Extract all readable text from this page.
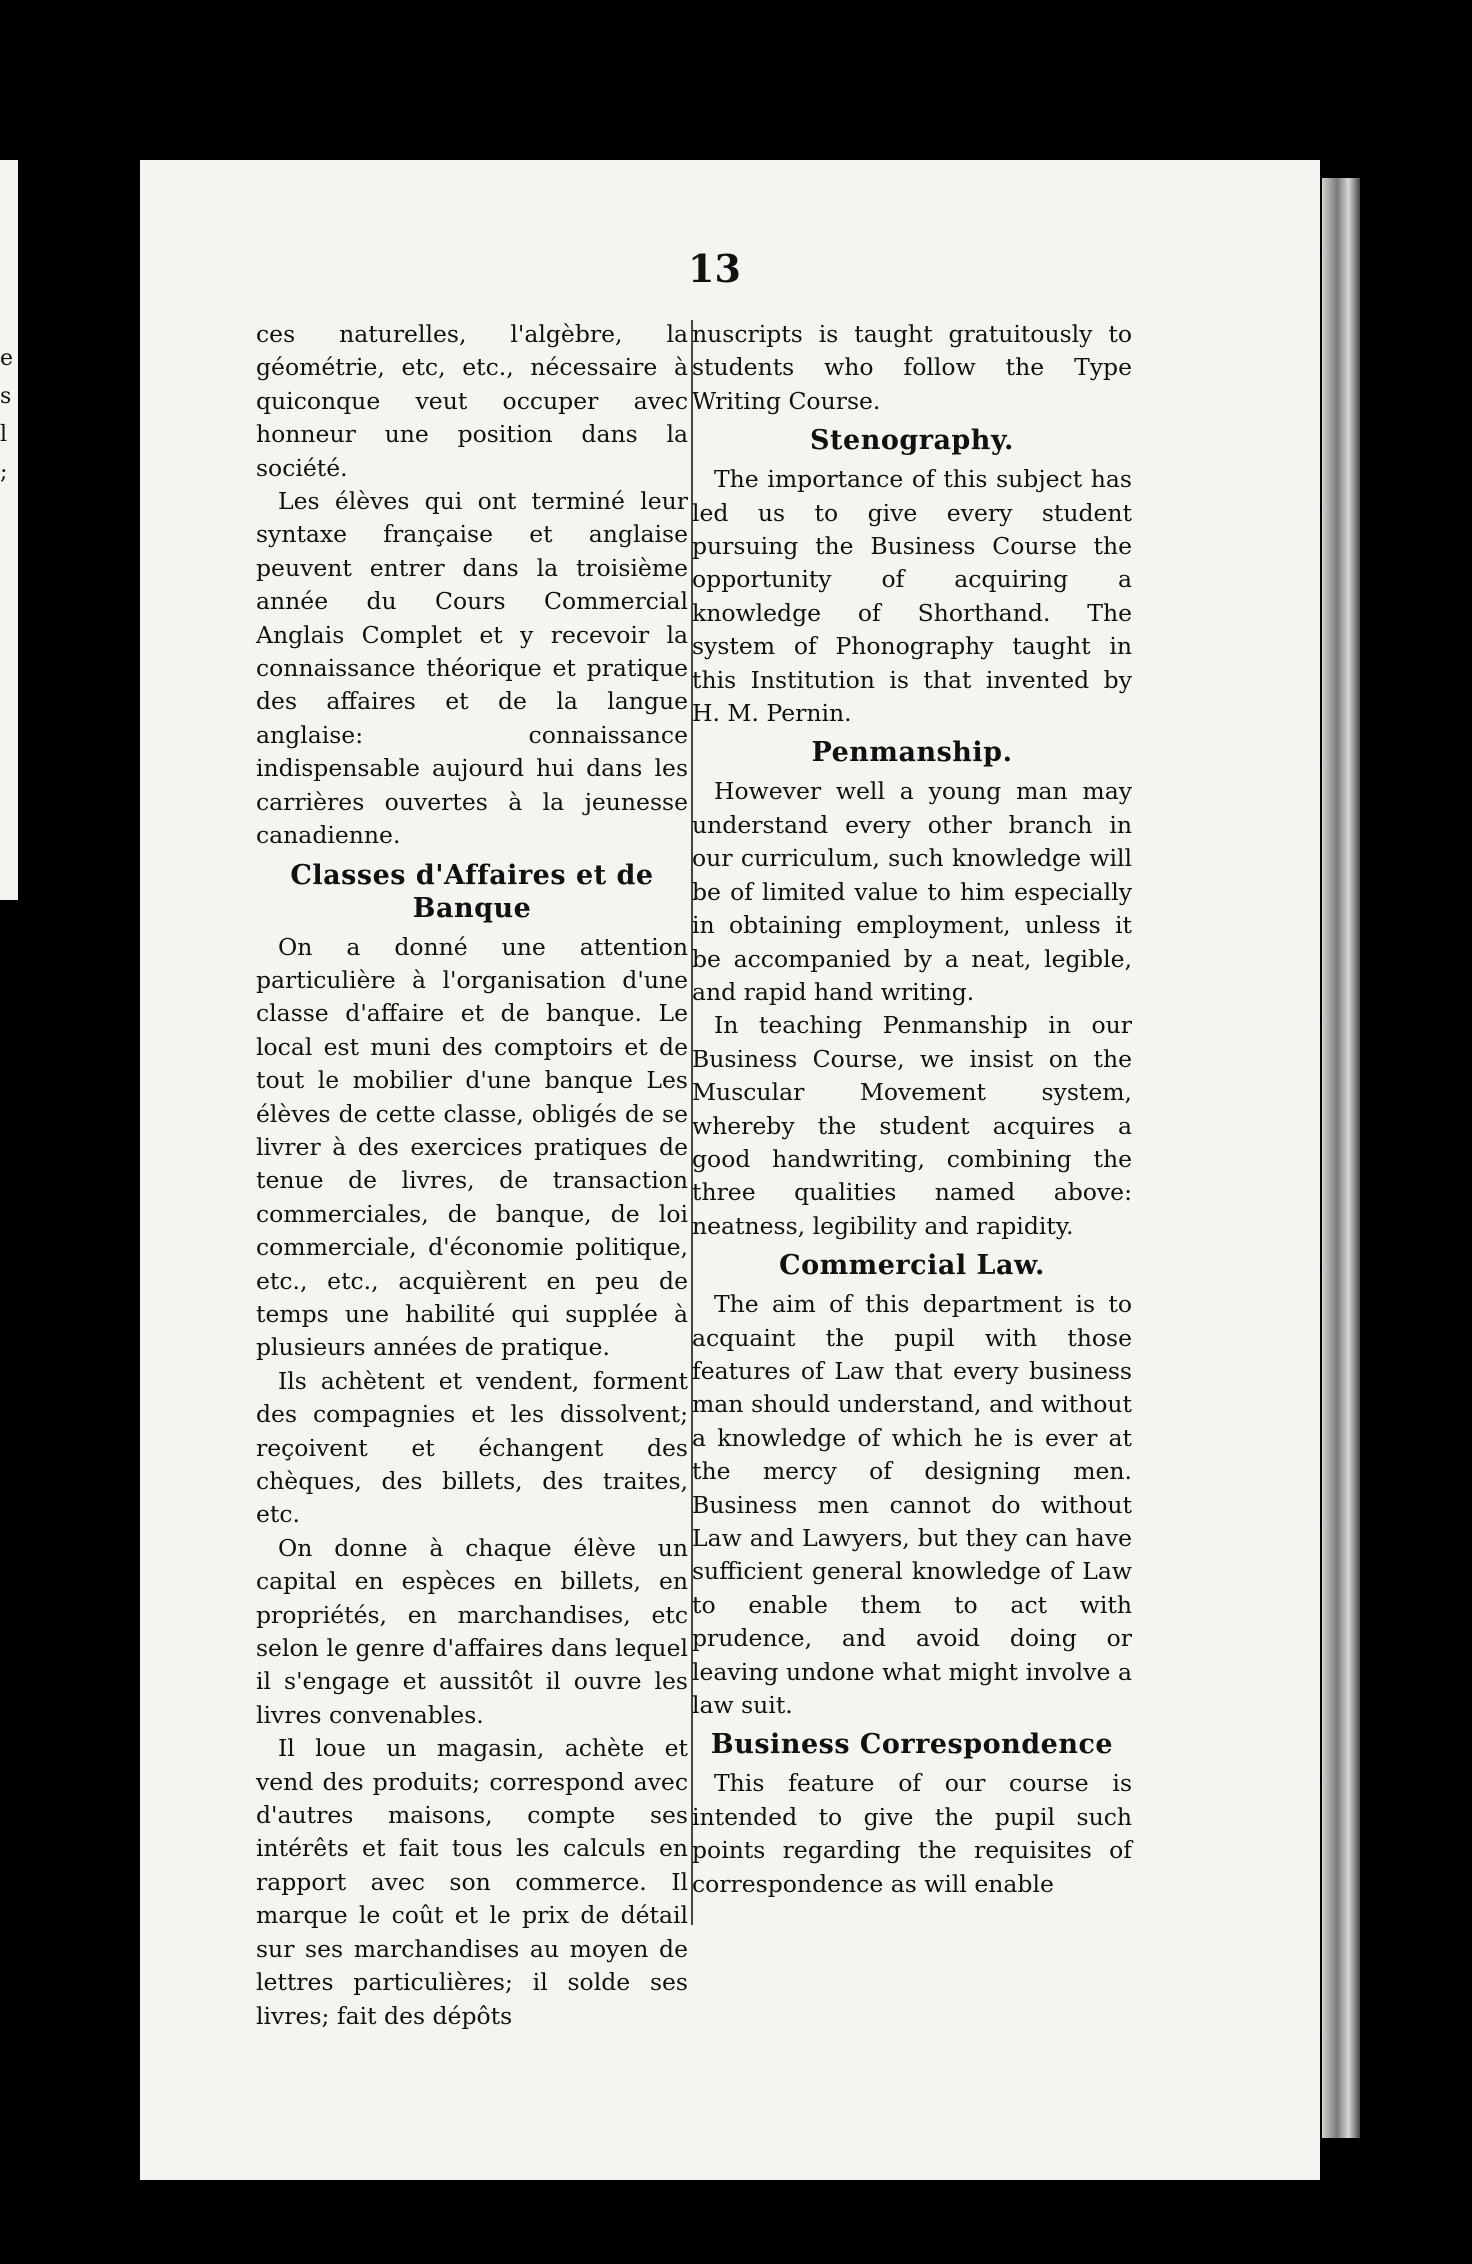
e
s
l
;
13

ces naturelles, l'algèbre, la géométrie, etc, etc., nécessaire à quiconque veut occuper avec honneur une position dans la société.

Les élèves qui ont terminé leur syntaxe française et anglaise peuvent entrer dans la troisième année du Cours Commercial Anglais Complet et y recevoir la connaissance théorique et pratique des affaires et de la langue anglaise: connaissance indispensable aujourd hui dans les carrières ouvertes à la jeunesse canadienne.

Classes d'Affaires et de Banque

On a donné une attention particulière à l'organisation d'une classe d'affaire et de banque. Le local est muni des comptoirs et de tout le mobilier d'une banque Les élèves de cette classe, obligés de se livrer à des exercices pratiques de tenue de livres, de transaction commerciales, de banque, de loi commerciale, d'économie politique, etc., etc., acquièrent en peu de temps une habilité qui supplée à plusieurs années de pratique.

Ils achètent et vendent, forment des compagnies et les dissolvent; reçoivent et échangent des chèques, des billets, des traites, etc.

On donne à chaque élève un capital en espèces en billets, en propriétés, en marchandises, etc selon le genre d'affaires dans lequel il s'engage et aussitôt il ouvre les livres convenables.

Il loue un magasin, achète et vend des produits; correspond avec d'autres maisons, compte ses intérêts et fait tous les calculs en rapport avec son commerce. Il marque le coût et le prix de détail sur ses marchandises au moyen de lettres particulières; il solde ses livres; fait des dépôts

nuscripts is taught gratuitously to students who follow the Type Writing Course.

Stenography.

The importance of this subject has led us to give every student pursuing the Business Course the opportunity of acquiring a knowledge of Shorthand. The system of Phonography taught in this Institution is that invented by H. M. Pernin.

Penmanship.

However well a young man may understand every other branch in our curriculum, such knowledge will be of limited value to him especially in obtaining employment, unless it be accompanied by a neat, legible, and rapid hand writing.

In teaching Penmanship in our Business Course, we insist on the Muscular Movement system, whereby the student acquires a good handwriting, combining the three qualities named above: neatness, legibility and rapidity.

Commercial Law.

The aim of this department is to acquaint the pupil with those features of Law that every business man should understand, and without a knowledge of which he is ever at the mercy of designing men. Business men cannot do without Law and Lawyers, but they can have sufficient general knowledge of Law to enable them to act with prudence, and avoid doing or leaving undone what might involve a law suit.

Business Correspondence

This feature of our course is intended to give the pupil such points regarding the requisites of correspondence as will enable
